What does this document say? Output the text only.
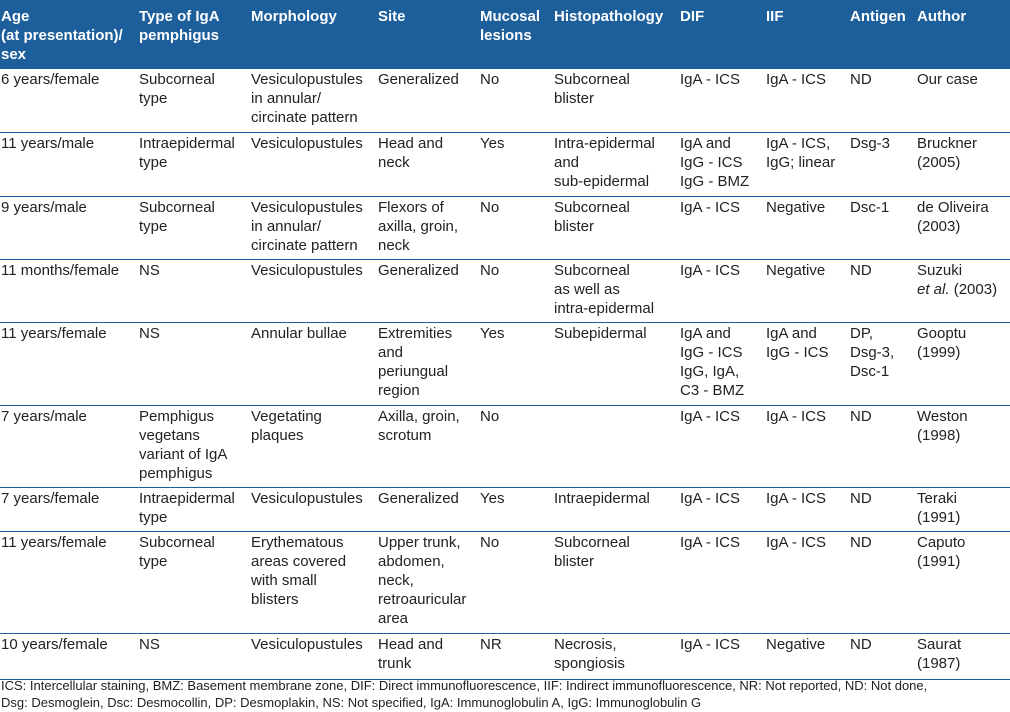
Age
(at presentation)/
sex	Type of IgA
pemphigus	Morphology	Site	Mucosal
lesions	Histopathology	DIF	IIF	Antigen	Author

6 years/female	Subcorneal
type	Vesiculopustules
in annular/
circinate pattern	Generalized	No	Subcorneal
blister	IgA - ICS	IgA - ICS	ND	Our case

11 years/male	Intraepidermal
type	Vesiculopustules	Head and
neck	Yes	Intra-epidermal
and
sub-epidermal	IgA and
IgG - ICS
IgG - BMZ	IgA - ICS,
IgG; linear	Dsg-3	Bruckner
(2005)

9 years/male	Subcorneal
type	Vesiculopustules
in annular/
circinate pattern	Flexors of
axilla, groin,
neck	No	Subcorneal
blister	IgA - ICS	Negative	Dsc-1	de Oliveira
(2003)

11 months/female	NS	Vesiculopustules	Generalized	No	Subcorneal
as well as
intra-epidermal	IgA - ICS	Negative	ND	Suzuki
et al. (2003)

11 years/female	NS	Annular bullae	Extremities
and
periungual
region	Yes	Subepidermal	IgA and
IgG - ICS
IgG, IgA,
C3 - BMZ	IgA and
IgG - ICS	DP,
Dsg-3,
Dsc-1	Gooptu
(1999)

7 years/male	Pemphigus
vegetans
variant of IgA
pemphigus	Vegetating
plaques	Axilla, groin,
scrotum	No		IgA - ICS	IgA - ICS	ND	Weston
(1998)

7 years/female	Intraepidermal
type	Vesiculopustules	Generalized	Yes	Intraepidermal	IgA - ICS	IgA - ICS	ND	Teraki
(1991)

11 years/female	Subcorneal
type	Erythematous
areas covered
with small
blisters	Upper trunk,
abdomen,
neck,
retroauricular
area	No	Subcorneal
blister	IgA - ICS	IgA - ICS	ND	Caputo
(1991)

10 years/female	NS	Vesiculopustules	Head and
trunk	NR	Necrosis,
spongiosis	IgA - ICS	Negative	ND	Saurat
(1987)
ICS: Intercellular staining, BMZ: Basement membrane zone, DIF: Direct immunofluorescence, IIF: Indirect immunofluorescence, NR: Not reported, ND: Not done,
Dsg: Desmoglein, Dsc: Desmocollin, DP: Desmoplakin, NS: Not specified, IgA: Immunoglobulin A, IgG: Immunoglobulin G
